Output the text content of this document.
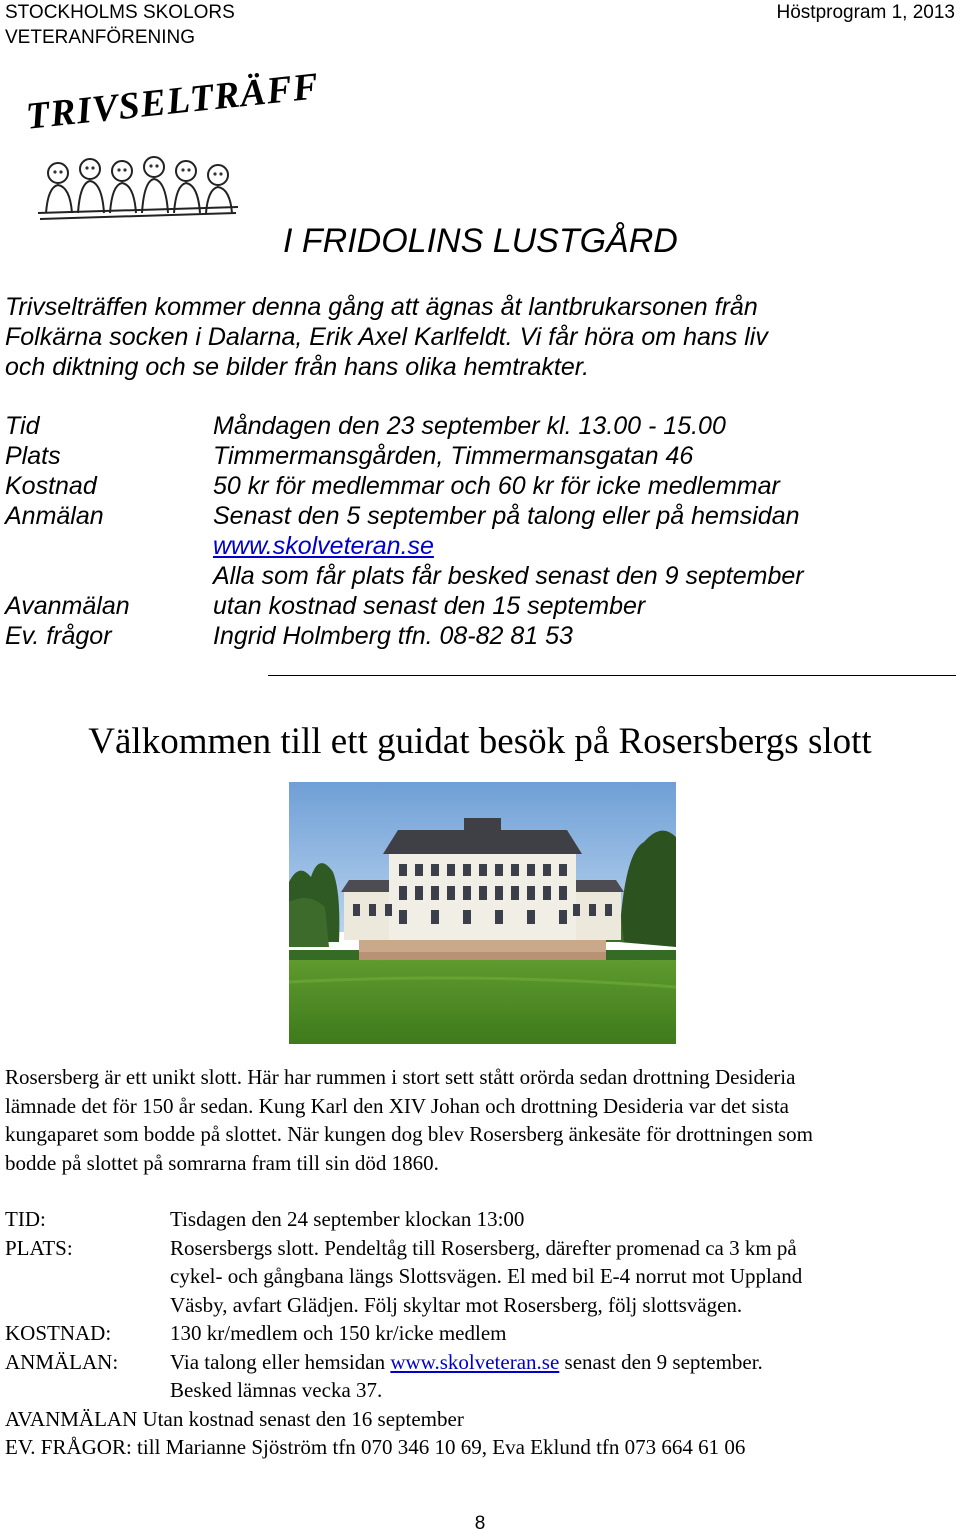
STOCKHOLMS SKOLORS
VETERANFÖRENING
Höstprogram 1, 2013
TRIVSELTRÄFF
I FRIDOLINS LUSTGÅRD

Trivselträffen kommer denna gång att ägnas åt lantbrukarsonen från

Folkärna socken i Dalarna, Erik Axel Karlfeldt. Vi får höra om hans liv

och diktning och se bilder från hans olika hemtrakter.

Tid	Måndagen den 23 september kl. 13.00 - 15.00
Plats	Timmermansgården, Timmermansgatan 46
Kostnad	50 kr för medlemmar och 60 kr för icke medlemmar
Anmälan	Senast den 5 september på talong eller på hemsidan
www.skolveteran.se
Alla som får plats får besked senast den 9 september
Avanmälan	utan kostnad senast den 15 september
Ev. frågor	Ingrid Holmberg tfn. 08-82 81 53
Välkommen till ett guidat besök på Rosersbergs slott

Rosersberg är ett unikt slott. Här har rummen i stort sett stått orörda sedan drottning Desideria

lämnade det för 150 år sedan. Kung Karl den XIV Johan och drottning Desideria var det sista

kungaparet som bodde på slottet. När kungen dog blev Rosersberg änkesäte för drottningen som

bodde på slottet på somrarna fram till sin död 1860.

TID:	Tisdagen den 24 september klockan 13:00
PLATS:	Rosersbergs slott. Pendeltåg till Rosersberg, därefter promenad ca 3 km på
cykel- och gångbana längs Slottsvägen. El med bil E-4 norrut mot Uppland
Väsby, avfart Glädjen. Följ skyltar mot Rosersberg, följ slottsvägen.
KOSTNAD:	130 kr/medlem och 150 kr/icke medlem
ANMÄLAN: Via talong eller hemsidan www.skolveteran.se senast den 9 september.
Besked lämnas vecka 37.
AVANMÄLAN Utan kostnad senast den 16 september
EV. FRÅGOR: till Marianne Sjöström tfn 070 346 10 69, Eva Eklund tfn 073 664 61 06
8
